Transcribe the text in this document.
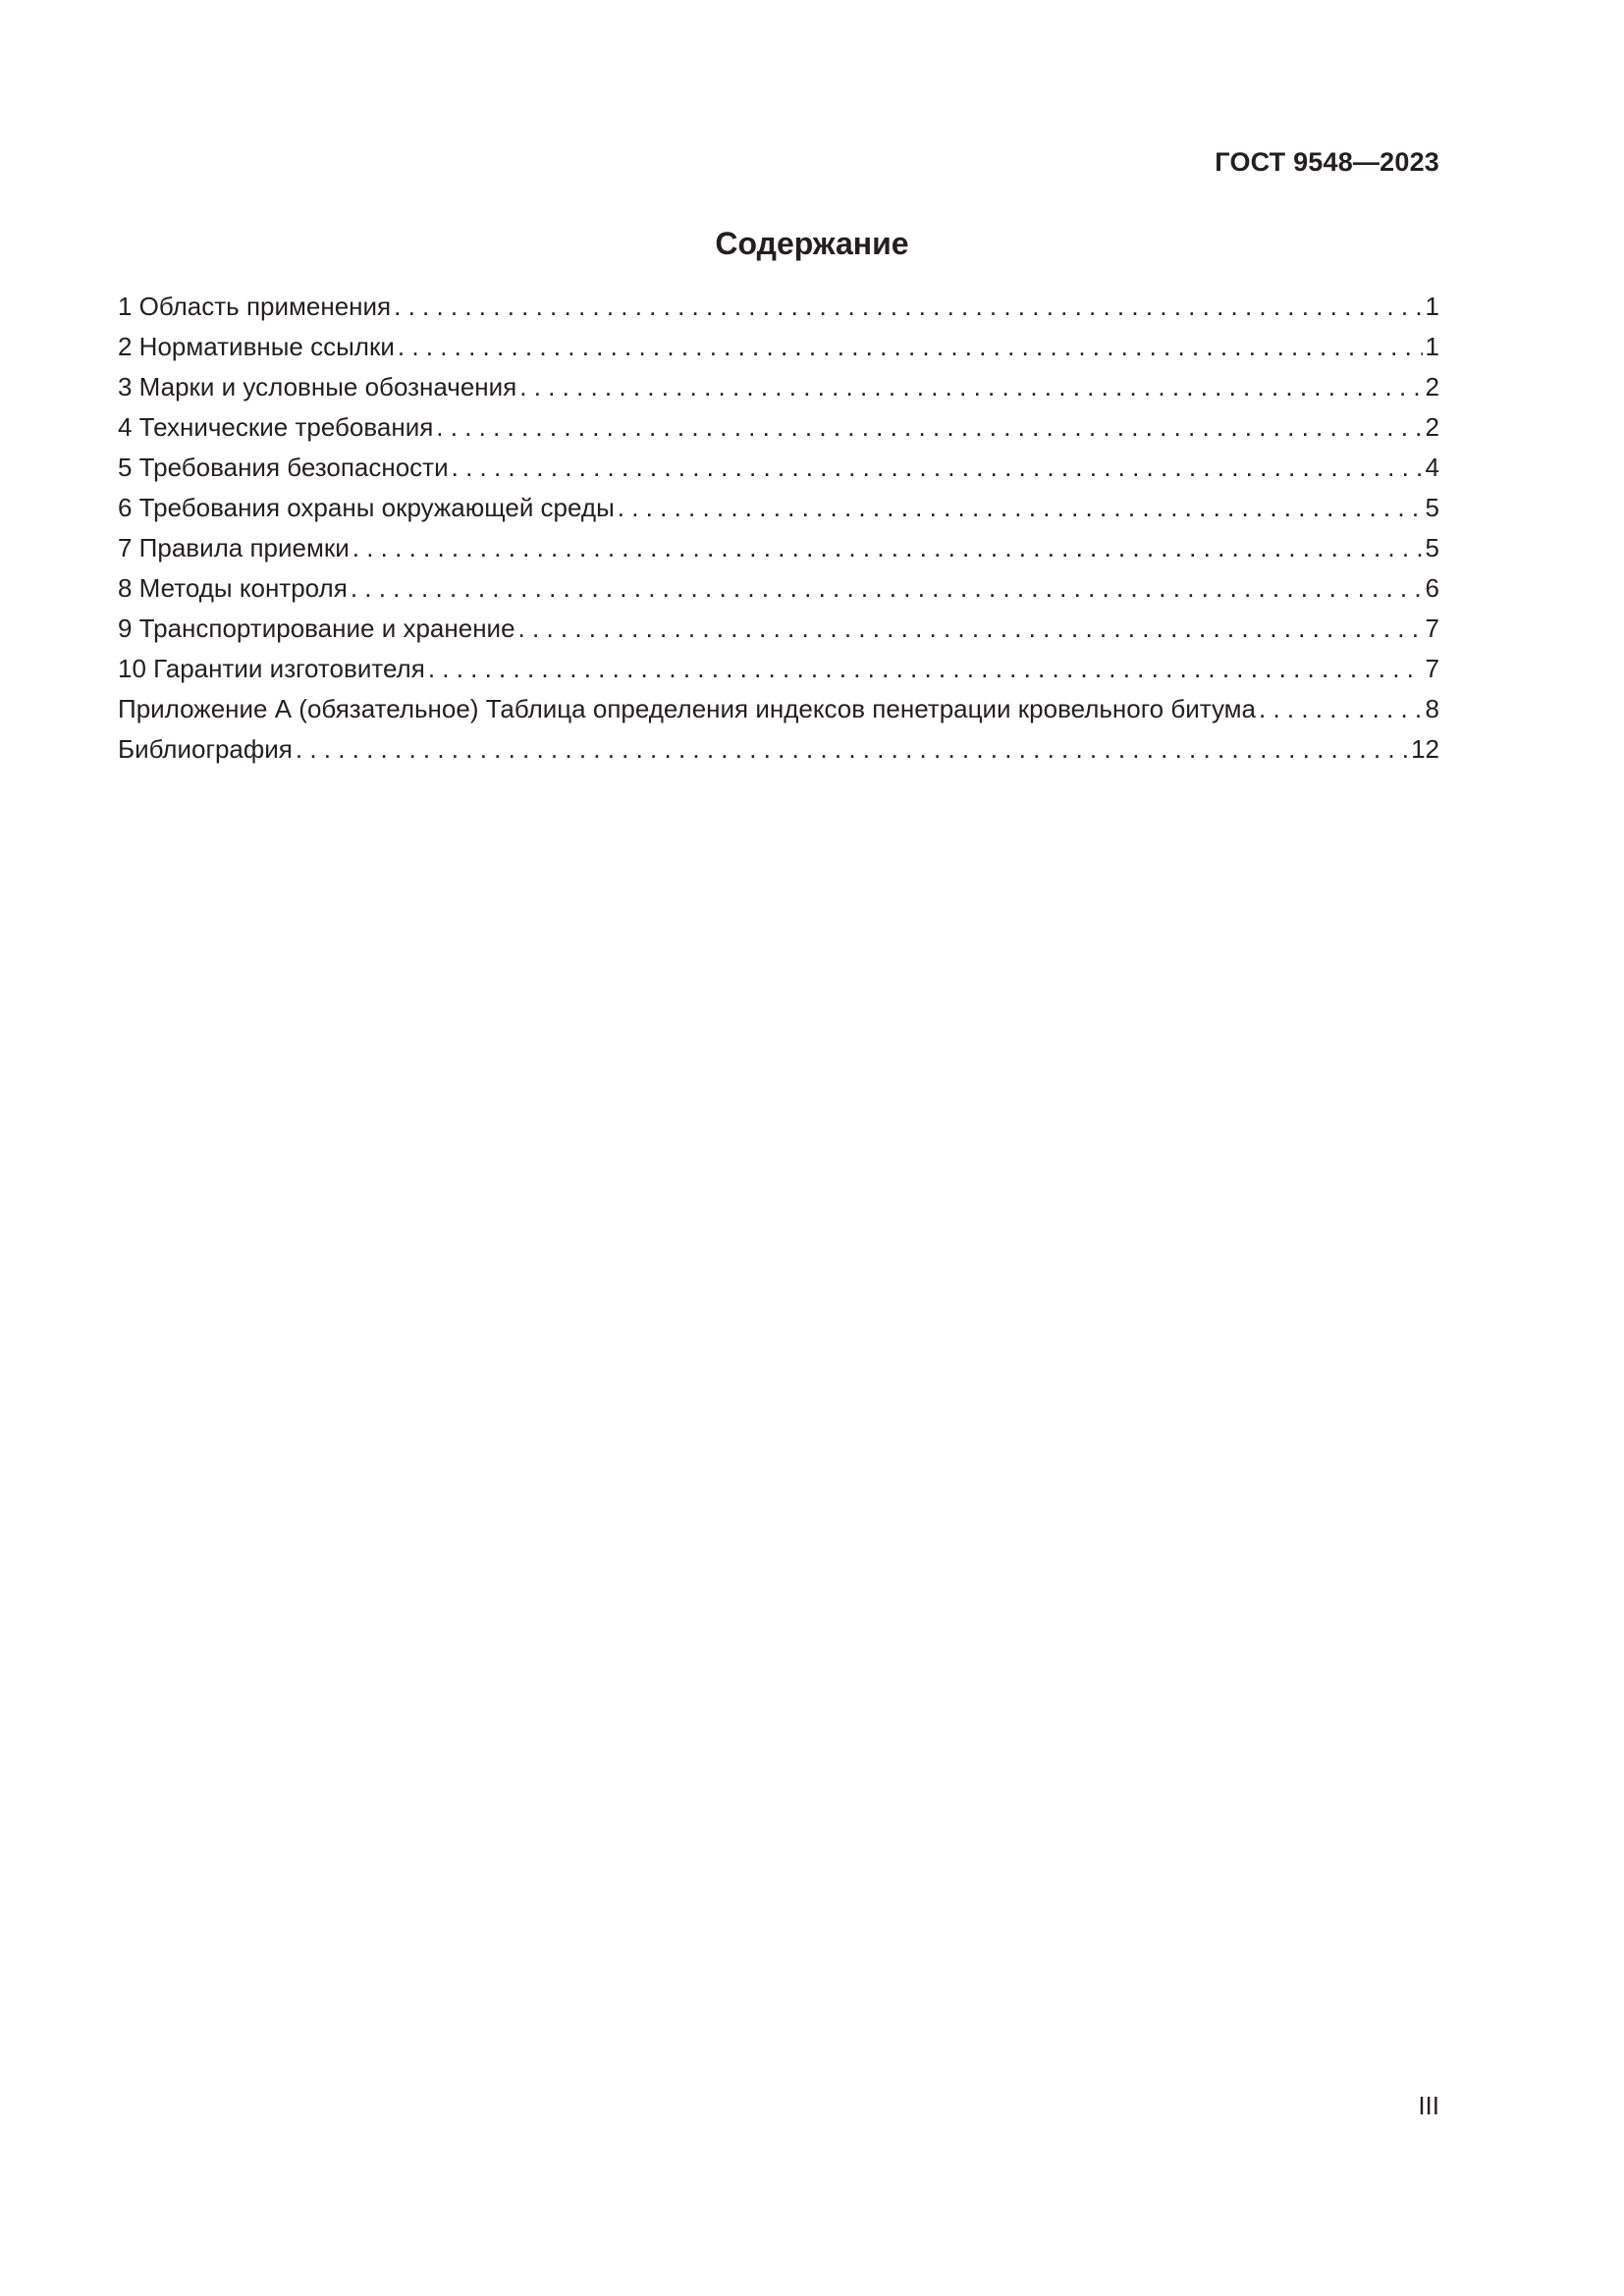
ГОСТ 9548—2023
Содержание
1 Область применения . . .	1
2 Нормативные ссылки . . .	1
3 Марки и условные обозначения . . .	2
4 Технические требования . . .	2
5 Требования безопасности . . .	4
6 Требования охраны окружающей среды . . .	5
7 Правила приемки . . .	5
8 Методы контроля . . .	6
9 Транспортирование и хранение . . .	7
10 Гарантии изготовителя . . .	7
Приложение А (обязательное) Таблица определения индексов пенетрации кровельного битума . . .	8
Библиография . . .	12
III
